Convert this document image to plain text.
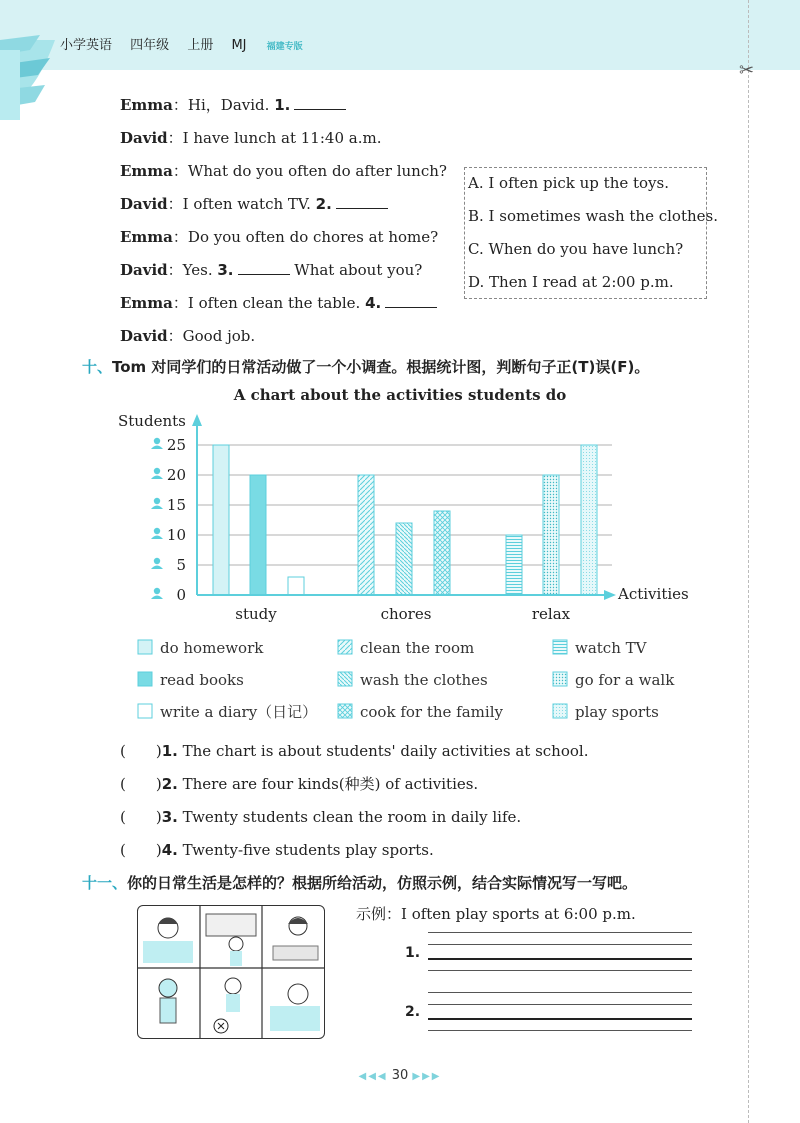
小学英语 四年级 上册 MJ 福建专版
✂
Emma：Hi，David. 1.
David：I have lunch at 11:40 a.m.
Emma：What do you often do after lunch?
David：I often watch TV. 2.
Emma：Do you often do chores at home?
David：Yes. 3.	What about you?
Emma：I often clean the table. 4.
David：Good job.
A. I often pick up the toys.
B. I sometimes wash the clothes.
C. When do you have lunch?
D. Then I read at 2:00 p.m.
十、Tom 对同学们的日常活动做了一个小调查。根据统计图，判断句子正(T)误(F)。
A chart about the activities students do
0
5
10
15
20
25
Students
Activities
study	chores	relax
do homework
read books
write a diary（日记）
clean the room
wash the clothes
cook for the family
watch TV
go for a walk
play sports
(　　)1. The chart is about students' daily activities at school.
(　　)2. There are four kinds(种类) of activities.
(　　)3. Twenty students clean the room in daily life.
(　　)4. Twenty-five students play sports.
十一、你的日常生活是怎样的？根据所给活动，仿照示例，结合实际情况写一写吧。
示例：I often play sports at 6:00 p.m.
1.
2.
◀◀◀ 30 ▶▶▶
